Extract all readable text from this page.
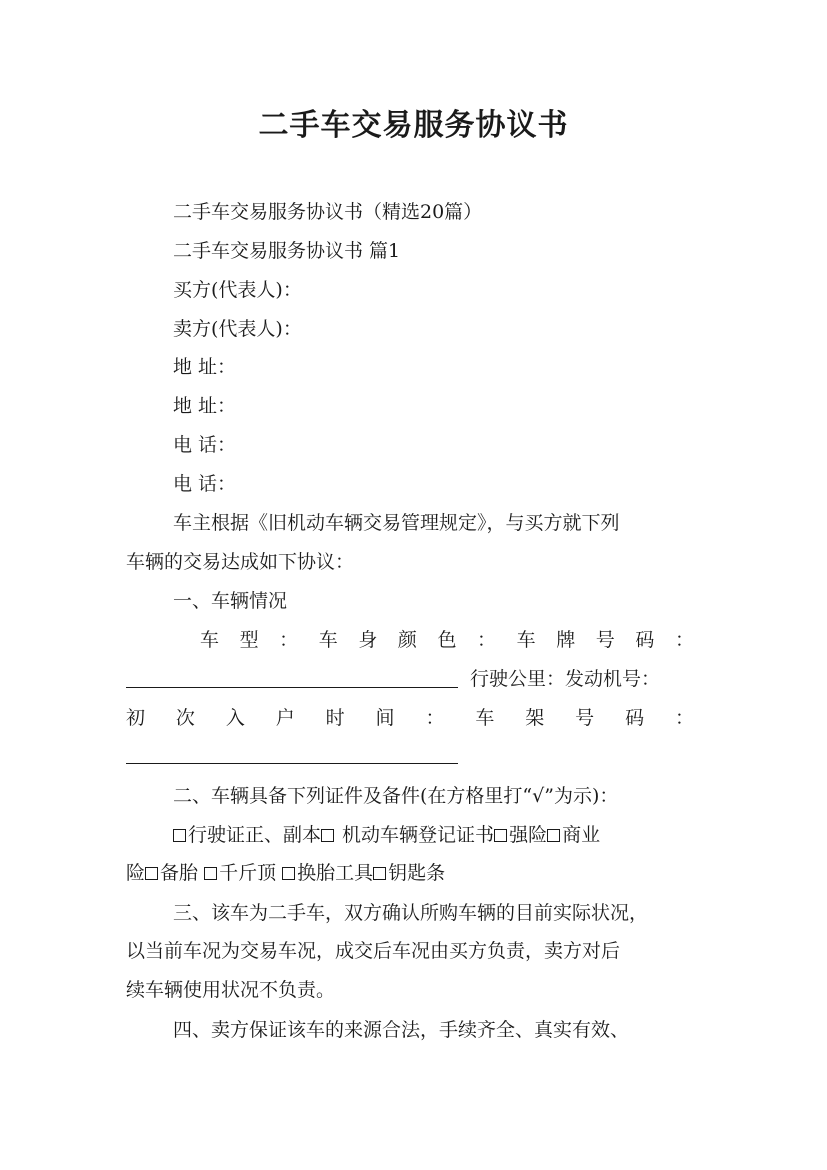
二手车交易服务协议书
二手车交易服务协议书（精选20篇）
二手车交易服务协议书 篇1
买方(代表人)：
卖方(代表人)：
地 址：
地 址：
电 话：
电 话：
车主根据《旧机动车辆交易管理规定》，与买方就下列
车辆的交易达成如下协议：
一、车辆情况
车 型 ： 车 身 颜 色 ： 车 牌 号 码 ：
行驶公里：发动机号：
初 次 入 户 时 间 ： 车 架 号 码 ：
二、车辆具备下列证件及备件(在方格里打“√”为示)：
行驶证正、副本 机动车辆登记证书 强险 商业
险 备胎 千斤顶 换胎工具 钥匙条
三、该车为二手车，双方确认所购车辆的目前实际状况，
以当前车况为交易车况，成交后车况由买方负责，卖方对后
续车辆使用状况不负责。
四、卖方保证该车的来源合法，手续齐全、真实有效、
